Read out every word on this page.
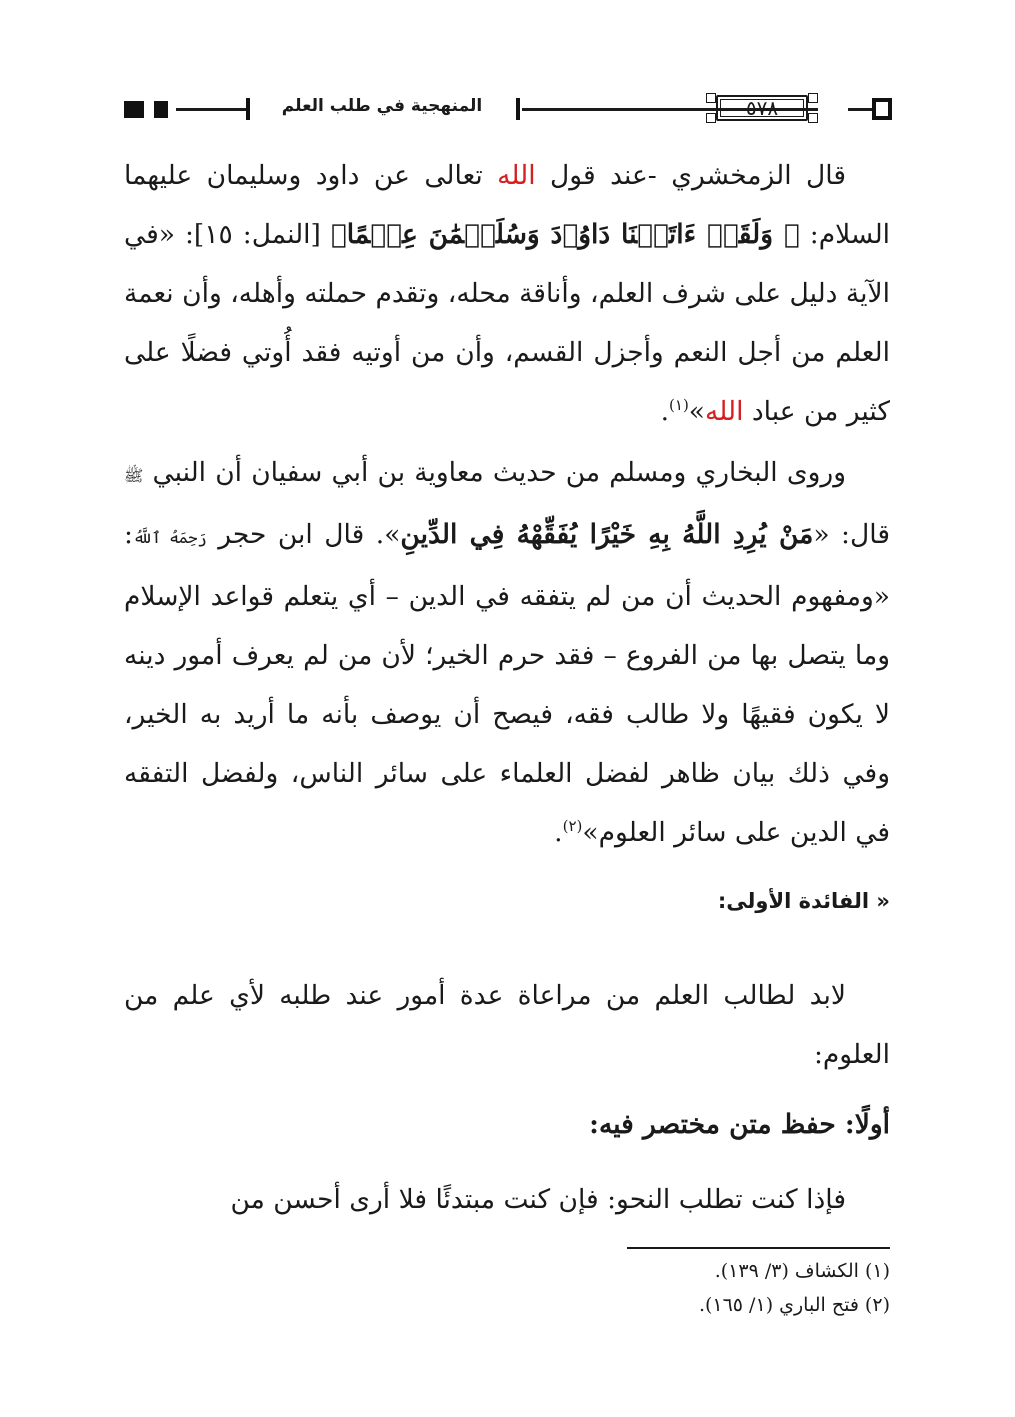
المنهجية في طلب العلم	٥٧٨

قال الزمخشري -عند قول الله تعالى عن داود وسليمان عليهما السلام: ﴿ وَلَقَدۡ ءَاتَيۡنَا دَاوُۥدَ وَسُلَيۡمَٰنَ عِلۡمًا﴾ [النمل: ١٥]: «في الآية دليل على شرف العلم، وأناقة محله، وتقدم حملته وأهله، وأن نعمة العلم من أجل النعم وأجزل القسم، وأن من أوتيه فقد أُوتي فضلًا على كثير من عباد الله»$^{(١)}$.

وروى البخاري ومسلم من حديث معاوية بن أبي سفيان أن النبي ﷺ قال: «مَنْ يُرِدِ اللَّهُ بِهِ خَيْرًا يُفَقِّهْهُ فِي الدِّينِ». قال ابن حجر رَحِمَهُ ٱللَّهُ: «ومفهوم الحديث أن من لم يتفقه في الدين – أي يتعلم قواعد الإسلام وما يتصل بها من الفروع – فقد حرم الخير؛ لأن من لم يعرف أمور دينه لا يكون فقيهًا ولا طالب فقه، فيصح أن يوصف بأنه ما أريد به الخير، وفي ذلك بيان ظاهر لفضل العلماء على سائر الناس، ولفضل التفقه في الدين على سائر العلوم»$^{(٢)}$.

« الفائدة الأولى:

لابد لطالب العلم من مراعاة عدة أمور عند طلبه لأي علم من العلوم:

أولًا: حفظ متن مختصر فيه:

فإذا كنت تطلب النحو: فإن كنت مبتدئًا فلا أرى أحسن من

(١) الكشاف (٣/ ١٣٩).
(٢) فتح الباري (١/ ١٦٥).
